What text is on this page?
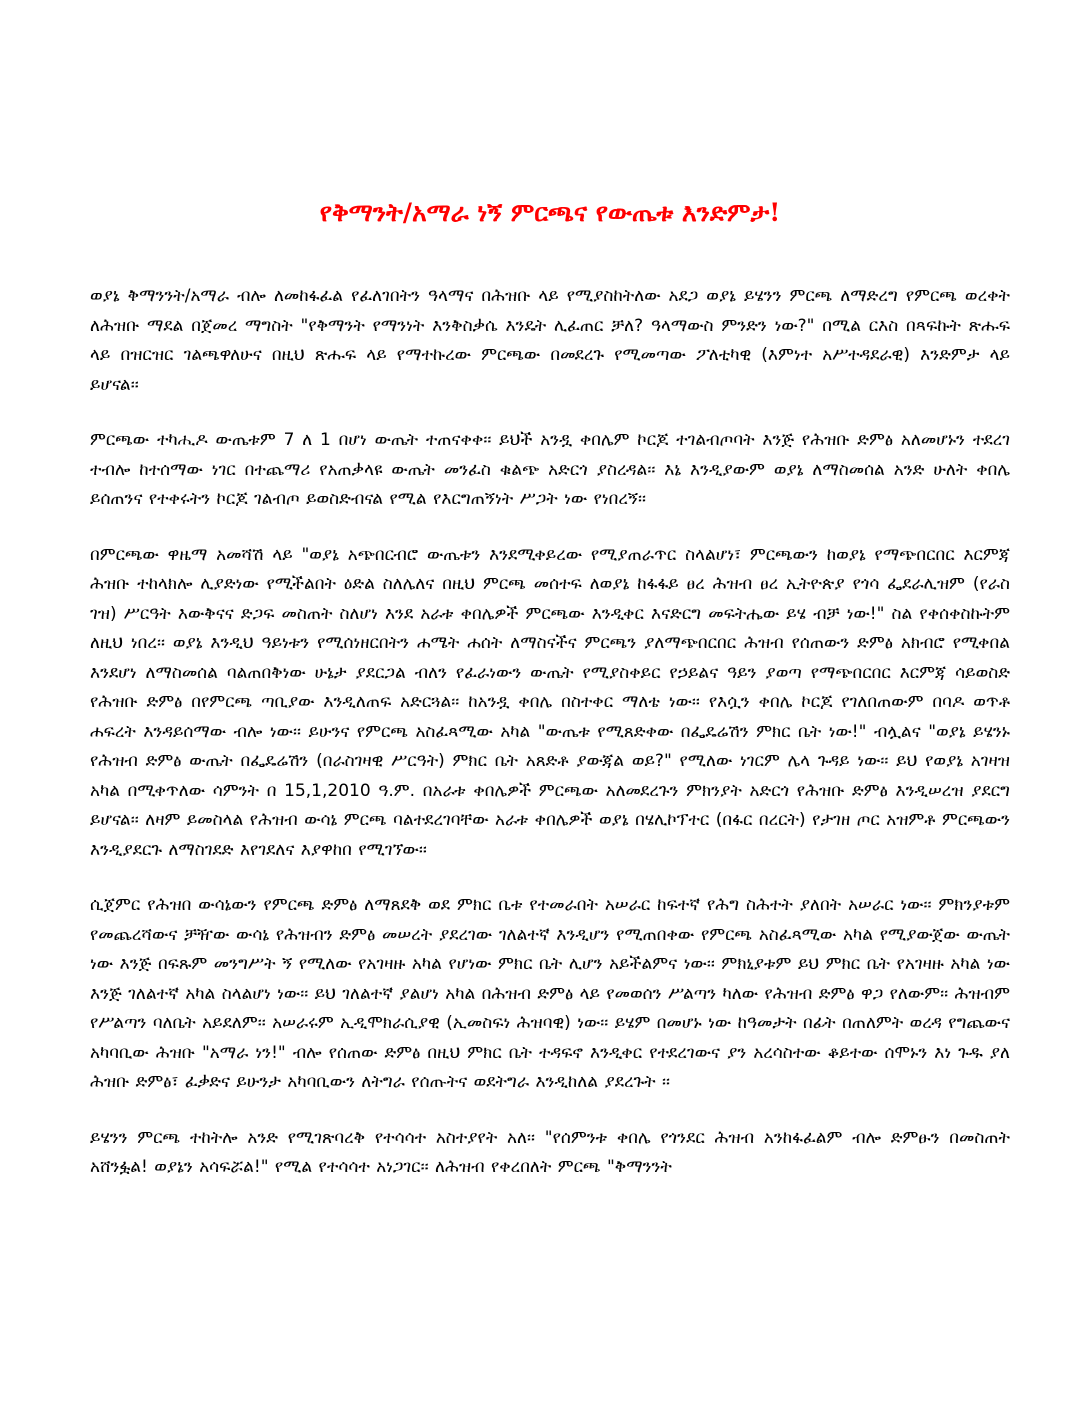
የቅማንት/አማራ ነኝ ምርጫና የውጤቱ እንድምታ!

ወያኔ ቅማንንት/አማራ ብሎ ለመከፋፈል የፈለገበትን ዓላማና በሕዝቡ ላይ የሚያስከትለው አደጋ ወያኔ ይሄንን ምርጫ ለማድረግ የምርጫ ወረቀት ለሕዝቡ ማደል በጀመረ ማግስት "የቅማንት የማንነት እንቅስቃሴ እንዴት ሊፈጠር ቻለ? ዓላማውስ ምንድን ነው?" በሚል ርእስ በጻፍኩት ጽሑፍ ላይ በዝርዝር ገልጫዋለሁና በዚህ ጽሑፍ ላይ የማተኩረው ምርጫው በመደረጉ የሚመጣው ፖለቲካዊ (እምነተ አሥተዳደራዊ) እንድምታ ላይ ይሆናል፡፡

ምርጫው ተካሒዶ ውጤቱም 7 ለ 1 በሆነ ውጤት ተጠናቀቀ፡፡ ይህች አንዷ ቀበሌም ኮርጆ ተገልብጦባት እንጅ የሕዝቡ ድምፅ አለመሆኑን ተደረገ ተብሎ ከተሰማው ነገር በተጨማሪ የአጠቃላዩ ውጤት መንፈስ ቁልጭ አድርጎ ያስረዳል፡፡ እኔ እንዲያውም ወያኔ ለማስመሰል አንድ ሁለት ቀበሌ ይሰጠንና የተቀሩትን ኮርጆ ገልብጦ ይወስድብናል የሚል የእርግጠኝነት ሥጋት ነው የነበረኝ፡፡

በምርጫው ዋዜማ አመሻሽ ላይ "ወያኔ አጭበርብሮ ውጤቱን እንደሚቀይረው የሚያጠራጥር ስላልሆነ፣ ምርጫውን ከወያኔ የማጭበርበር እርምጃ ሕዝቡ ተከላክሎ ሊያድነው የሚችልበት ዕድል ስለሌለና በዚህ ምርጫ መሰተፍ ለወያኔ ከፋፋይ ፀረ ሕዝብ ፀረ ኢትዮጵያ የጎሳ ፌደራሊዝም (የራስ ገዝ) ሥርዓት እውቅናና ድጋፍ መስጠት ስለሆነ እንደ አራቱ ቀበሌዎች ምርጫው እንዲቀር እናድርግ መፍትሔው ይሄ ብቻ ነው!" ስል የቀሰቀስኩትም ለዚህ ነበረ፡፡ ወያኔ እንዲህ ዓይነቱን የሚሰነዘርበትን ሐሜት ሐሰት ለማስናችና ምርጫን ያለማጭበርበር ሕዝብ የሰጠውን ድምፅ አክብሮ የሚቀበል እንደሆነ ለማስመሰል ባልጠበቅነው ሁኔታ ያደርጋል ብለን የፈራነውን ውጤት የሚያስቀይር የኃይልና ዓይን ያወጣ የማጭበርበር እርምጃ ሳይወስድ የሕዝቡ ድምፅ በየምርጫ ጣቢያው እንዲለጠፍ አድርጓል፡፡ ከአንዷ ቀበሌ በስተቀር ማለቴ ነው፡፡ የእሷን ቀበሌ ኮርጆ የገለበጠውም በባዶ ወጥቶ ሐፍረት እንዳይሰማው ብሎ ነው፡፡ ይሁንና የምርጫ አስፈጻሚው አካል "ውጤቱ የሚጸድቀው በፌዴሬሽን ምክር ቤት ነው!" ብሏልና "ወያኔ ይሄንኑ የሕዝብ ድምፅ ውጤት በፌዴሬሽን (በራስገዛዊ ሥርዓት) ምክር ቤት አጸድቶ ያውጃል ወይ?" የሚለው ነገርም ሌላ ጉዳይ ነው፡፡ ይህ የወያኔ አገዛዝ አካል በሚቀጥለው ሳምንት በ 15,1,2010 ዓ.ም. በአራቱ ቀበሌዎች ምርጫው አለመደረጉን ምክንያት አድርጎ የሕዝቡ ድምፅ እንዲሠረዝ ያደርግ ይሆናል፡፡ ለዛም ይመስላል የሕዝብ ውሳኔ ምርጫ ባልተደረገባቸው አራቱ ቀበሌዎች ወያኔ በሄሊኮፕተር (በፋር በረርት) የታገዘ ጦር አዝምቶ ምርጫውን እንዲያደርጉ ለማስገደድ እየገደለና እያዋከበ የሚገኘው፡፡

ሲጀምር የሕዝበ ውሳኔውን የምርጫ ድምፅ ለማጸደቅ ወደ ምክር ቤቱ የተመራበት አሠራር ከፍተኛ የሕግ ስሕተት ያለበት አሠራር ነው፡፡ ምክንያቱም የመጨረሻውና ቻዥው ውሳኔ የሕዝብን ድምፅ መሠረት ያደረገው ገለልተኛ እንዲሆን የሚጠበቀው የምርጫ አስፈጻሚው አካል የሚያውጀው ውጤት ነው እንጅ በፍጹም መንግሥት ኝ የሚለው የአገዛዙ አካል የሆነው ምክር ቤት ሊሆን አይችልምና ነው፡፡ ምክኒያቱም ይህ ምክር ቤት የአገዛዙ አካል ነው እንጅ ገለልተኛ አካል ስላልሆነ ነው፡፡ ይህ ገለልተኛ ያልሆነ አካል በሕዝብ ድምፅ ላይ የመወሰን ሥልጣን ካለው የሕዝብ ድምፅ ዋጋ የለውም፡፡ ሕዝብም የሥልጣን ባለቤት አይደለም፡፡ አሠራሩም ኢዲሞክራሲያዊ (ኢመስፍነ ሕዝባዊ) ነው፡፡ ይሄም በመሆኑ ነው ከዓመታት በፊት በጠለምት ወረዳ የግጨውና አካባቢው ሕዝቡ "አማራ ነን!" ብሎ የሰጠው ድምፅ በዚህ ምክር ቤት ተዳፍኖ እንዲቀር የተደረገውና ያን አረሳስተው ቆይተው ሰሞኑን እነ ጉዱ ያለ ሕዝቡ ድምፅ፣ ፈቃድና ይሁንታ አካባቢውን ለትግራ የሰጡትና ወደትግራ እንዲከለል ያደረጉት ፡፡

ይሄንን ምርጫ ተከትሎ አንድ የሚገጽባረቅ የተሳሳተ አስተያየት አለ፡፡ "የሰምንቱ ቀበሌ የጎንደር ሕዝብ አንከፋፈልም ብሎ ድምፁን በመስጠት አሸንፏል! ወያኔን አሳፍሯል!" የሚል የተሳሳተ አነጋገር፡፡ ለሕዝብ የቀረበለት ምርጫ "ቅማንንት
